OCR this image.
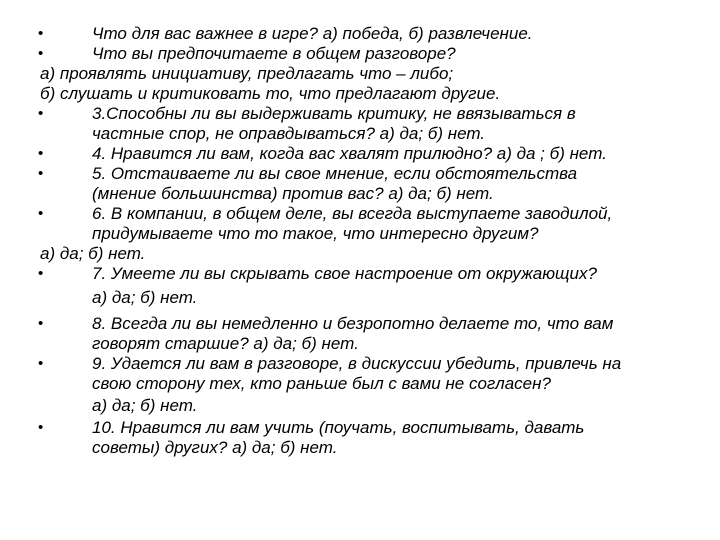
•	Что для вас важнее в игре? а) победа, б) развлечение.
•	Что вы предпочитаете в общем разговоре?
а) проявлять инициативу, предлагать что – либо;
б) слушать и критиковать то, что предлагают другие.
•	3.Способны ли вы выдерживать критику, не ввязываться в
частные спор, не оправдываться? а) да; б) нет.
•	4. Нравится ли вам, когда вас хвалят прилюдно? а) да ; б) нет.
•	5. Отстаиваете ли вы свое мнение, если обстоятельства
(мнение большинства) против вас? а) да; б) нет.
•	6. В компании, в общем деле, вы всегда выступаете заводилой,
придумываете что то такое, что интересно другим?
а) да; б) нет.
•	7. Умеете ли вы скрывать свое настроение от окружающих?
а) да; б) нет.
•	8. Всегда ли вы немедленно и безропотно делаете то, что вам
говорят старшие? а) да; б) нет.
•	9. Удается ли вам в разговоре, в дискуссии убедить, привлечь на
свою сторону тех, кто раньше был с вами не согласен?
а) да; б) нет.
•	10. Нравится ли вам учить (поучать, воспитывать, давать
советы) других? а) да; б) нет.
